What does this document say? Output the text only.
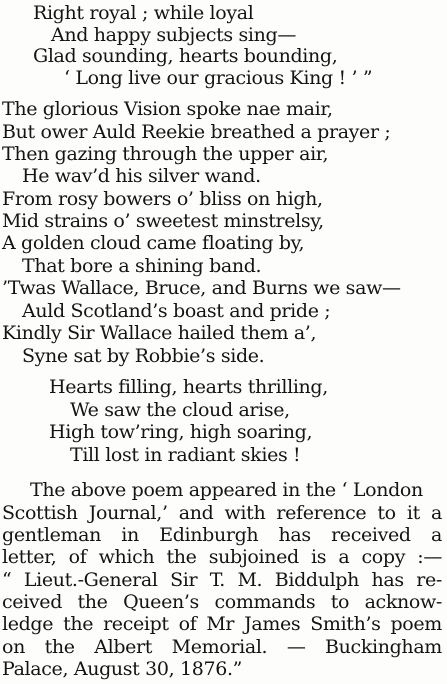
Right royal ; while loyal
And happy subjects sing—
Glad sounding, hearts bounding,
‘ Long live our gracious King ! ’ ”
The glorious Vision spoke nae mair,
But ower Auld Reekie breathed a prayer ;
Then gazing through the upper air,
He wav’d his silver wand.
From rosy bowers o’ bliss on high,
Mid strains o’ sweetest minstrelsy,
A golden cloud came floating by,
That bore a shining band.
’Twas Wallace, Bruce, and Burns we saw—
Auld Scotland’s boast and pride ;
Kindly Sir Wallace hailed them a’,
Syne sat by Robbie’s side.
Hearts filling, hearts thrilling,
We saw the cloud arise,
High tow’ring, high soaring,
Till lost in radiant skies !
The above poem appeared in the ‘ London
Scottish Journal,’ and with reference to it a
gentleman in Edinburgh has received a
letter, of which the subjoined is a copy :—
“ Lieut.-General Sir T. M. Biddulph has re-
ceived the Queen’s commands to acknow-
ledge the receipt of Mr James Smith’s poem
on the Albert Memorial. — Buckingham
Palace, August 30, 1876.”
